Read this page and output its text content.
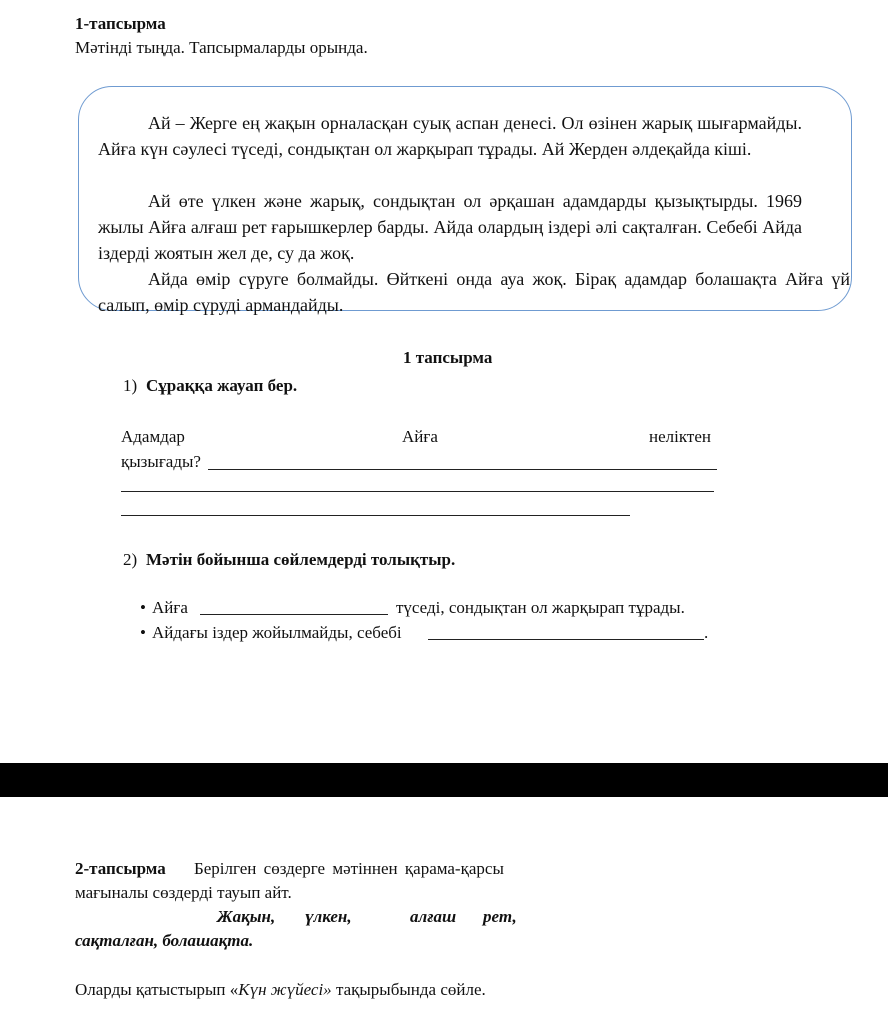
1-тапсырма
Мәтінді тыңда. Тапсырмаларды орында.
Ай – Жерге ең жақын орналасқан суық аспан денесі. Ол өзінен жарық шығармайды. Айға күн сәулесі түседі, сондықтан ол жарқырап тұрады. Ай Жерден әлдеқайда кіші.
Ай өте үлкен және жарық, сондықтан ол әрқашан адамдарды қызықтырды. 1969 жылы Айға алғаш рет ғарышкерлер барды. Айда олардың іздері әлі сақталған. Себебі Айда іздерді жоятын жел де, су да жоқ.
Айда өмір сүруге болмайды. Өйткені онда ауа жоқ. Бірақ адамдар болашақта Айға үй салып, өмір сүруді армандайды.
1 тапсырма
1) Сұраққа жауап бер.
Адамдар	Айға	неліктен
қызығады?
2) Мәтін бойынша сөйлемдерді толықтыр.
• Айға	түседі, сондықтан ол жарқырап тұрады.
• Айдағы іздер жойылмайды, себебі	.
2-тапсырма Берілген сөздерге мәтіннен қарама-қарсы
мағыналы сөздерді тауып айт.
Жақын, үлкен,	алғаш рет,
сақталған, болашақта.
Оларды қатыстырып «Күн жүйесі» тақырыбында сөйле.
